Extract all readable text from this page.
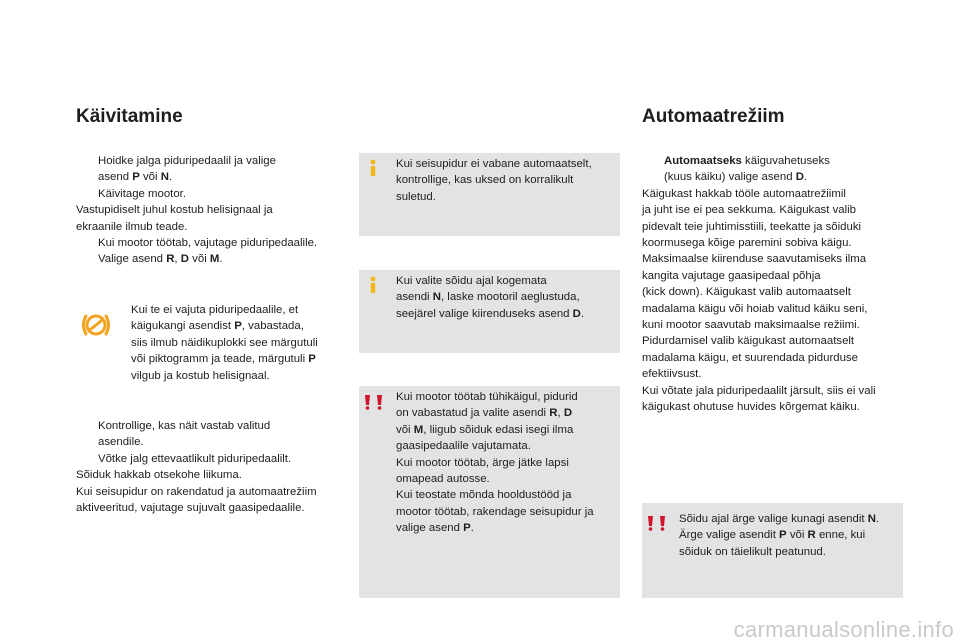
Käivitamine
Hoidke jalga piduripedaalil ja valige
asend P või N.
Käivitage mootor.
Vastupidiselt juhul kostub helisignaal ja
ekraanile ilmub teade.
Kui mootor töötab, vajutage piduripedaalile.
Valige asend R, D või M.
Kui te ei vajuta piduripedaalile, et
käigukangi asendist P, vabastada,
siis ilmub näidikuplokki see märgutuli
või piktogramm ja teade, märgutuli P
vilgub ja kostub helisignaal.
Kontrollige, kas näit vastab valitud
asendile.
Võtke jalg ettevaatlikult piduripedaalilt.
Sõiduk hakkab otsekohe liikuma.
Kui seisupidur on rakendatud ja automaatrežiim
aktiveeritud, vajutage sujuvalt gaasipedaalile.
Kui seisupidur ei vabane automaatselt,
kontrollige, kas uksed on korralikult
suletud.
Kui valite sõidu ajal kogemata
asendi N, laske mootoril aeglustuda,
seejärel valige kiirenduseks asend D.
Kui mootor töötab tühikäigul, pidurid
on vabastatud ja valite asendi R, D
või M, liigub sõiduk edasi isegi ilma
gaasipedaalile vajutamata.
Kui mootor töötab, ärge jätke lapsi
omapead autosse.
Kui teostate mõnda hooldustööd ja
mootor töötab, rakendage seisupidur ja
valige asend P.
Automaatrežiim
Automaatseks käiguvahetuseks
(kuus käiku) valige asend D.
Käigukast hakkab tööle automaatrežiimil
ja juht ise ei pea sekkuma. Käigukast valib
pidevalt teie juhtimisstiili, teekatte ja sõiduki
koormusega kõige paremini sobiva käigu.
Maksimaalse kiirenduse saavutamiseks ilma
kangita vajutage gaasipedaal põhja
(kick down). Käigukast valib automaatselt
madalama käigu või hoiab valitud käiku seni,
kuni mootor saavutab maksimaalse režiimi.
Pidurdamisel valib käigukast automaatselt
madalama käigu, et suurendada pidurduse
efektiivsust.
Kui võtate jala piduripedaalilt järsult, siis ei vali
käigukast ohutuse huvides kõrgemat käiku.
Sõidu ajal ärge valige kunagi asendit N.
Ärge valige asendit P või R enne, kui
sõiduk on täielikult peatunud.
carmanualsonline.info
